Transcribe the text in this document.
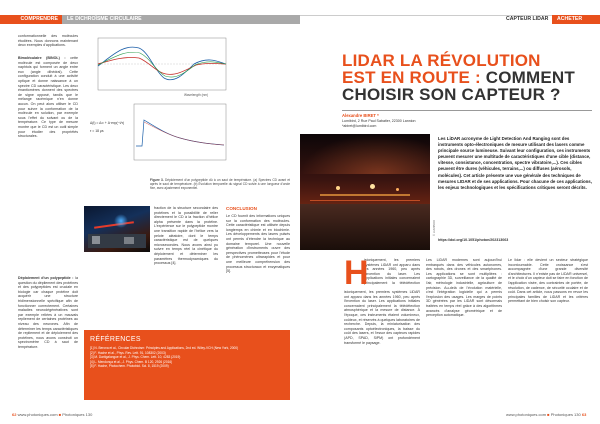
COMPRENDRE	LE DICHROÏSME CIRCULAIRE
conformationnelle des molécules étudiées. Nous donnons maintenant deux exemples d'applications.
Bimoléculaire (BINOL) : cette molécule est composée de deux naphtols qui forment un angle entre eux (angle dihédral). Cette configuration conduit à une activité optique et donne naissance à un spectre CD caractéristique. Les deux énantiomères donnent des spectres de signe opposé, tandis que le mélange racémique n'en donne aucun. On peut alors utiliser le CD pour suivre la conformation de la molécule en solution, par exemple sous l'effet du solvant ou de la température. Ce type de mesure montre que le CD est un outil simple pour étudier des propriétés structurales.
Déploiement d'un polypeptide : la question du dépliement des protéines et des polypeptides est cruciale en biologie car chaque protéine doit acquérir une structure tridimensionnelle spécifique afin de fonctionner correctement. Certaines maladies neurodégénératives sont par exemple reliées à un mauvais repliement de certaines protéines au niveau des neurones. Afin de déterminer les temps caractéristiques de repliement et de déploiement des protéines, nous avons construit un spectromètre CD à saut de température.
Wavelength (nm)
Δ(t) = Δ∞ + A·exp(−t/τ)
τ = 18 μs
Figure 3. Déploiement d'un polypeptide dû à un saut de température. (a) Spectres CD avant et après le saut de température. (b) Évolution temporelle du signal CD suivie à une longueur d'onde fixe, avec ajustement exponentiel.
fraction de la structure secondaire des protéines et la possibilité de relier directement le CD à la fraction d'hélice alpha présente dans la protéine. L'expérience sur le polypeptide montre une transition rapide de l'hélice vers la pelote aléatoire, dont le temps caractéristique est de quelques microsecondes. Nous avons ainsi pu suivre en temps réel la cinétique du déploiement et déterminer les paramètres thermodynamiques du processus [4].
CONCLUSION
Le CD fournit des informations uniques sur la conformation des molécules. Cette caractéristique est utilisée depuis longtemps en chimie et en biochimie. Les développements des lasers pulsés ont permis d'étendre la technique au domaine temporel. Une nouvelle génération d'instruments ouvre des perspectives prometteuses pour l'étude de phénomènes ultrarapides et pour une meilleure compréhension des processus structuraux et enzymatiques [5].
RÉFÉRENCES
[1] N. Berova et al., Circular Dichroism: Principles and Applications, 2nd ed. Wiley-VCH (New York, 2000)
[2] F. Hache et al., Phys. Rev. Lett. 91, 108302 (2003)
[3] M. Dartigalongue et al., J. Phys. Chem. Lett. 10, 4283 (2019)
[4] L. Mendonça et al., J. Phys. Chem. B 120, 2926 (2016)
[5] F. Hache, Photochem. Photobiol. Sci. 8, 1519 (2009)
62 www.photoniques.com ■ Photoniques 130
CAPTEUR LIDAR	ACHETER
LIDAR LA RÉVOLUTION
EST EN ROUTE : COMMENT
CHOISIR SON CAPTEUR ?
Alexandre BIRET *
Lumibird, 2 Rue Paul Sabatier, 22300 Lannion
*abiret@lumibird.com
© LUMIBIRD
Les LiDAR acronyme de Light Detection And Ranging sont des instruments opto-électroniques de mesure utilisant des lasers comme principale source lumineuse. Suivant leur configuration, ces instruments peuvent mesurer une multitude de caractéristiques d'une cible (distance, vitesse, consistance, concentration, spectre vibratoire,...). Ces cibles peuvent être dures (véhicules, terrains,...) ou diffuses (aérosols, molécules). Cet article présente une vue générale des techniques de mesures LIDAR et de ses applications. Pour chacune de ces applications, les enjeux technologiques et les spécifications critiques seront décrits.
https://doi.org/10.1051/photon/202313063
H
istoriquement, les premiers systèmes LiDAR ont apparu dans les années 1960, peu après l'invention du laser. Les applications initiales concernaient principalement la télédétection
istoriquement, les premiers systèmes LiDAR ont apparu dans les années 1960, peu après l'invention du laser. Les applications initiales concernaient principalement la télédétection atmosphérique et la mesure de distance. À l'époque, ces instruments étaient volumineux, coûteux, et réservés à quelques laboratoires de recherche. Depuis, la miniaturisation des composants optoélectroniques, la baisse du coût des lasers, et l'essor des capteurs rapides (APD, SPAD, SiPM) ont profondément transformé le paysage.
Les LiDAR modernes sont aujourd'hui embarqués dans des véhicules autonomes, des robots, des drones et des smartphones. Les applications se sont multipliées : cartographie 3D, surveillance de la qualité de l'air, métrologie industrielle, agriculture de précision. Au-delà de l'évolution matérielle, c'est l'intégration logicielle qui a permis l'explosion des usages. Les marges de points 3D générées par les LiDAR sont désormais traitées en temps réel grâce à des algorithmes avancés d'analyse géométrique et de perception automatique.
Le lidar : elle devient un secteur stratégique incontournable. Cette croissance s'est accompagnée d'une grande diversité d'architectures. Il n'existe pas de LiDAR universel, et le choix d'un capteur doit se faire en fonction de l'application visée, des contraintes de portée, de résolution, de cadence, de sécurité oculaire et de coût. Dans cet article, nous passons en revue les principales familles de LiDAR et les critères permettant de bien choisir son capteur.
www.photoniques.com ■ Photoniques 130 63
